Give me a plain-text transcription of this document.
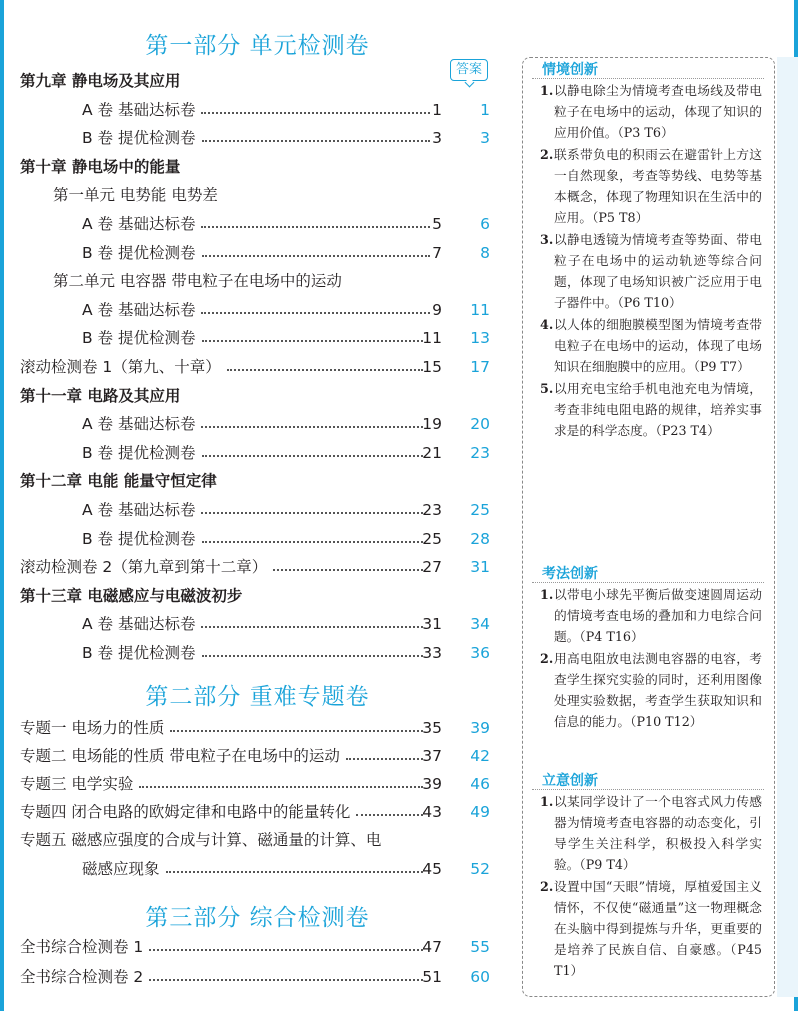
第一部分 单元检测卷
答案
第九章 静电场及其应用
A 卷 基础达标卷	1	1
B 卷 提优检测卷	3	3
第十章 静电场中的能量
第一单元 电势能 电势差
A 卷 基础达标卷	5	6
B 卷 提优检测卷	7	8
第二单元 电容器 带电粒子在电场中的运动
A 卷 基础达标卷	9	11
B 卷 提优检测卷	11	13
滚动检测卷 1（第九、十章）	15	17
第十一章 电路及其应用
A 卷 基础达标卷	19	20
B 卷 提优检测卷	21	23
第十二章 电能 能量守恒定律
A 卷 基础达标卷	23	25
B 卷 提优检测卷	25	28
滚动检测卷 2（第九章到第十二章）	27	31
第十三章 电磁感应与电磁波初步
A 卷 基础达标卷	31	34
B 卷 提优检测卷	33	36
第二部分 重难专题卷
专题一 电场力的性质	35	39
专题二 电场能的性质 带电粒子在电场中的运动	37	42
专题三 电学实验	39	46
专题四 闭合电路的欧姆定律和电路中的能量转化	43	49
专题五 磁感应强度的合成与计算、磁通量的计算、电
磁感应现象	45	52
第三部分 综合检测卷
全书综合检测卷 1	47	55
全书综合检测卷 2	51	60
情境创新
1. 以静电除尘为情境考查电场线及带电粒子在电场中的运动，体现了知识的应用价值。（P3 T6）
2. 联系带负电的积雨云在避雷针上方这一自然现象，考查等势线、电势等基本概念，体现了物理知识在生活中的应用。（P5 T8）
3. 以静电透镜为情境考查等势面、带电粒子在电场中的运动轨迹等综合问题，体现了电场知识被广泛应用于电子器件中。（P6 T10）
4. 以人体的细胞膜模型图为情境考查带电粒子在电场中的运动，体现了电场知识在细胞膜中的应用。（P9 T7）
5. 以用充电宝给手机电池充电为情境，考查非纯电阻电路的规律，培养实事求是的科学态度。（P23 T4）
考法创新
1. 以带电小球先平衡后做变速圆周运动的情境考查电场的叠加和力电综合问题。（P4 T16）
2. 用高电阻放电法测电容器的电容，考查学生探究实验的同时，还利用图像处理实验数据，考查学生获取知识和信息的能力。（P10 T12）
立意创新
1. 以某同学设计了一个电容式风力传感器为情境考查电容器的动态变化，引导学生关注科学，积极投入科学实验。（P9 T4）
2. 设置中国“天眼”情境，厚植爱国主义情怀，不仅使“磁通量”这一物理概念在头脑中得到提炼与升华，更重要的是培养了民族自信、自豪感。（P45 T1）
